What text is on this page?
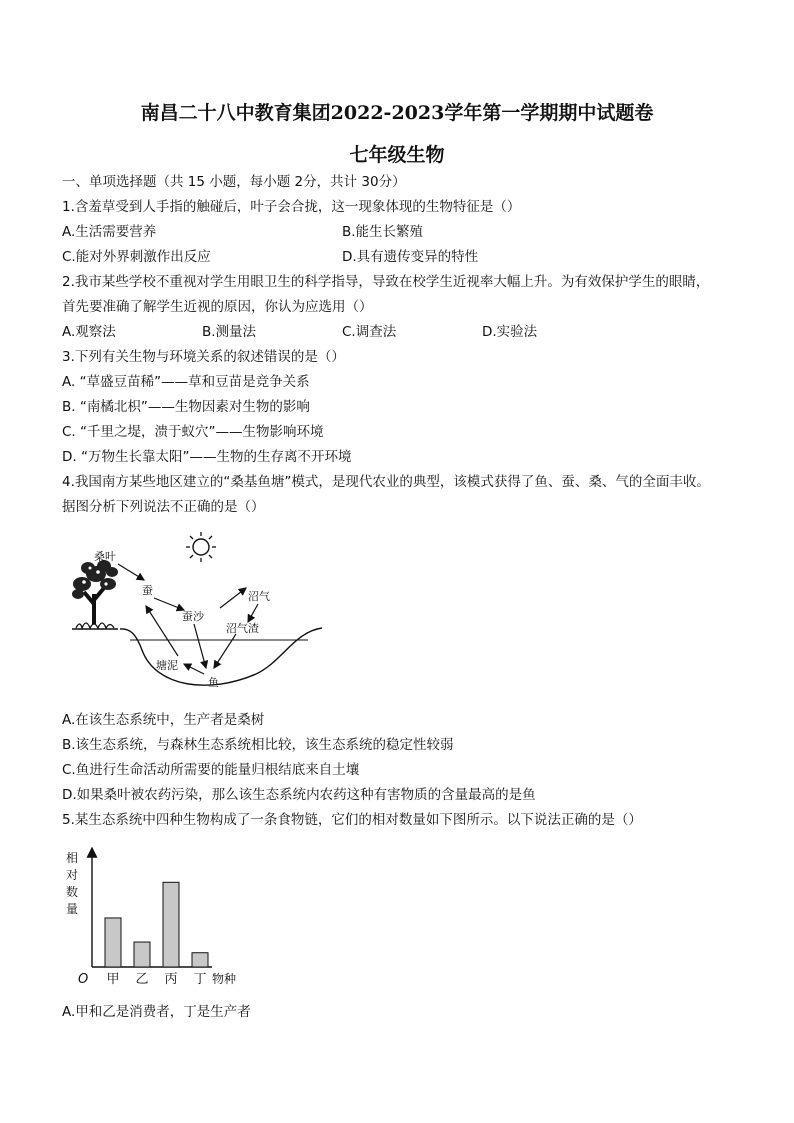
南昌二十八中教育集团2022-2023学年第一学期期中试题卷
七年级生物
一、单项选择题（共 15 小题，每小题 2分，共计 30分）
1.含羞草受到人手指的触碰后，叶子会合拢，这一现象体现的生物特征是（）
A.生活需要营养	B.能生长繁殖
C.能对外界刺激作出反应	D.具有遗传变异的特性
2.我市某些学校不重视对学生用眼卫生的科学指导，导致在校学生近视率大幅上升。为有效保护学生的眼睛，
首先要准确了解学生近视的原因，你认为应选用（）
A.观察法	B.测量法	C.调查法	D.实验法
3.下列有关生物与环境关系的叙述错误的是（）
A. “草盛豆苗稀”——草和豆苗是竞争关系
B. “南橘北枳”——生物因素对生物的影响
C. “千里之堤，溃于蚁穴”——生物影响环境
D. “万物生长靠太阳”——生物的生存离不开环境
4.我国南方某些地区建立的“桑基鱼塘”模式，是现代农业的典型，该模式获得了鱼、蚕、桑、气的全面丰收。
据图分析下列说法不正确的是（）
桑叶
蚕
蚕沙
沼气
沼气渣
塘泥
鱼
A.在该生态系统中，生产者是桑树
B.该生态系统，与森林生态系统相比较，该生态系统的稳定性较弱
C.鱼进行生命活动所需要的能量归根结底来自土壤
D.如果桑叶被农药污染，那么该生态系统内农药这种有害物质的含量最高的是鱼
5.某生态系统中四种生物构成了一条食物链，它们的相对数量如下图所示。以下说法正确的是（）
相
对
数
量
甲 乙 丙 丁
O	物种
A.甲和乙是消费者，丁是生产者
